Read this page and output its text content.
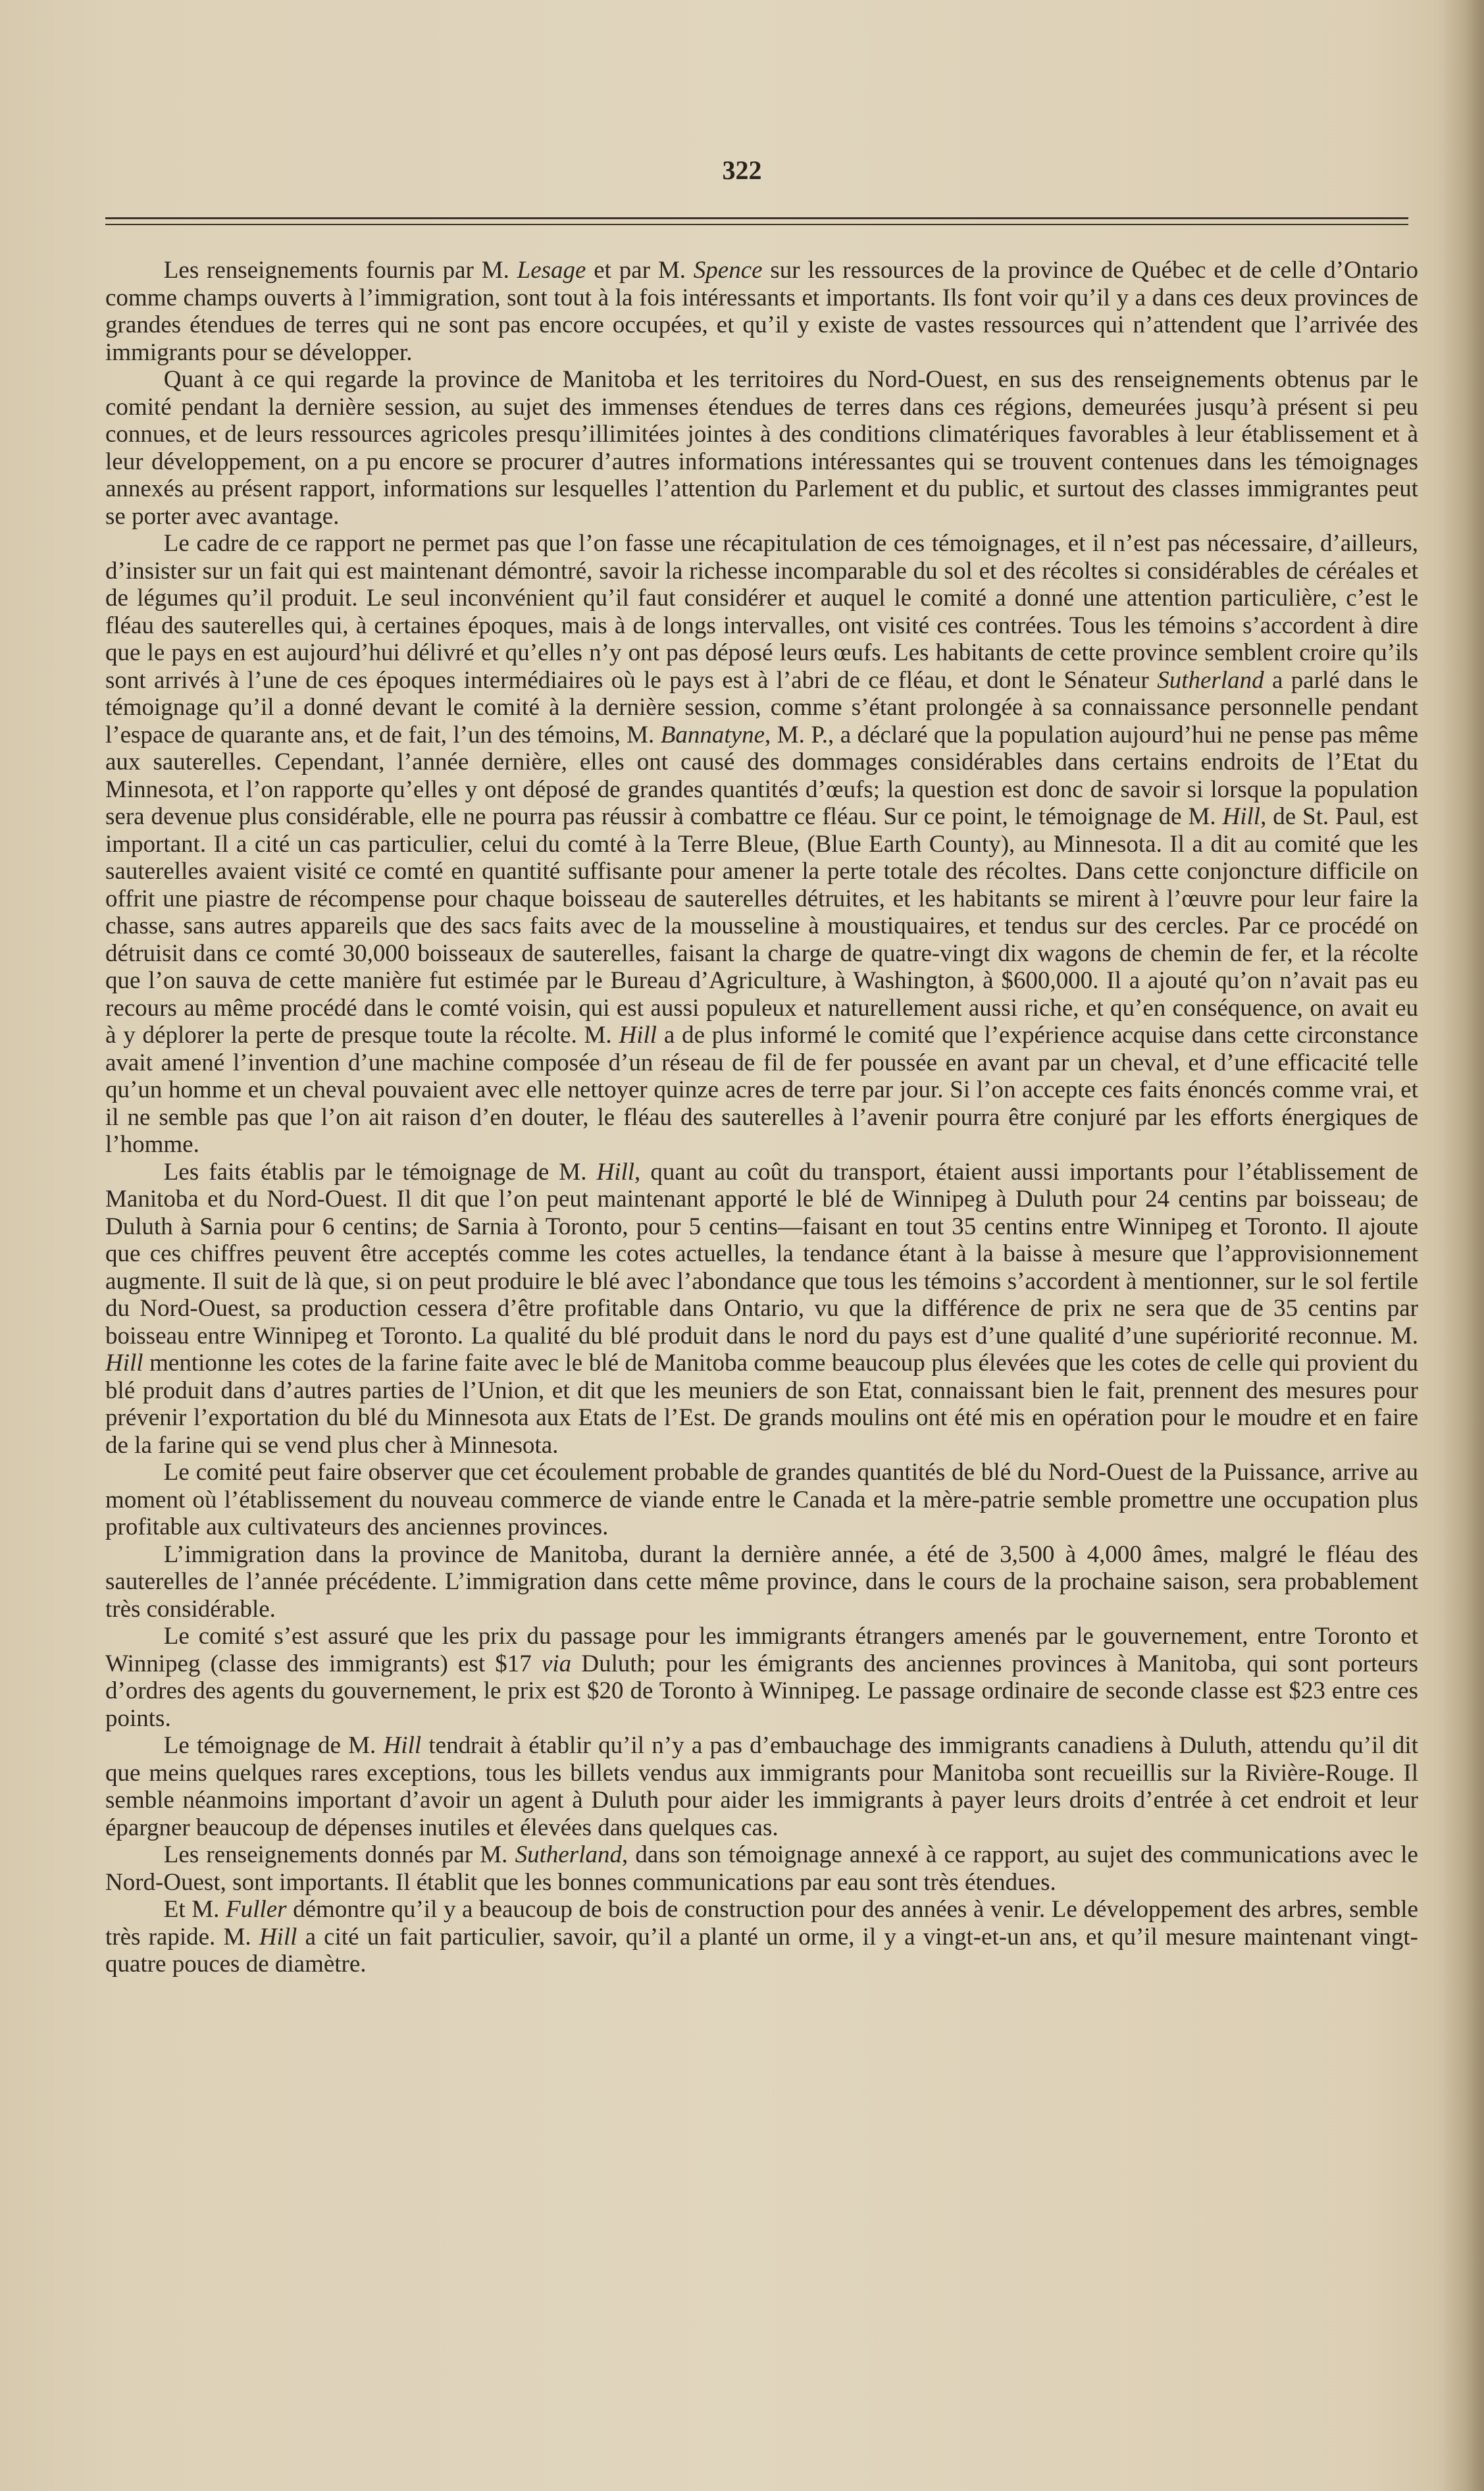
322

Les renseignements fournis par M. Lesage et par M. Spence sur les ressources de la province de Québec et de celle d’Ontario comme champs ouverts à l’immigration, sont tout à la fois intéressants et importants. Ils font voir qu’il y a dans ces deux provinces de grandes étendues de terres qui ne sont pas encore occupées, et qu’il y existe de vastes ressources qui n’attendent que l’arrivée des immigrants pour se développer.

Quant à ce qui regarde la province de Manitoba et les territoires du Nord-Ouest, en sus des renseignements obtenus par le comité pendant la dernière session, au sujet des immenses étendues de terres dans ces régions, demeurées jusqu’à présent si peu connues, et de leurs ressources agricoles presqu’illimitées jointes à des conditions climatériques favorables à leur établissement et à leur développement, on a pu encore se procurer d’autres informations intéressantes qui se trouvent contenues dans les témoignages annexés au présent rapport, informations sur lesquelles l’attention du Parlement et du public, et surtout des classes immigrantes peut se porter avec avantage.

Le cadre de ce rapport ne permet pas que l’on fasse une récapitulation de ces témoignages, et il n’est pas nécessaire, d’ailleurs, d’insister sur un fait qui est maintenant démontré, savoir la richesse incomparable du sol et des récoltes si considérables de céréales et de légumes qu’il produit. Le seul inconvénient qu’il faut considérer et auquel le comité a donné une attention particulière, c’est le fléau des sauterelles qui, à certaines époques, mais à de longs intervalles, ont visité ces contrées. Tous les témoins s’accordent à dire que le pays en est aujourd’hui délivré et qu’elles n’y ont pas déposé leurs œufs. Les habitants de cette province semblent croire qu’ils sont arrivés à l’une de ces époques intermédiaires où le pays est à l’abri de ce fléau, et dont le Sénateur Sutherland a parlé dans le témoignage qu’il a donné devant le comité à la dernière session, comme s’étant prolongée à sa connaissance personnelle pendant l’espace de quarante ans, et de fait, l’un des témoins, M. Bannatyne, M. P., a déclaré que la population aujourd’hui ne pense pas même aux sauterelles. Cependant, l’année dernière, elles ont causé des dommages considérables dans certains endroits de l’Etat du Minnesota, et l’on rapporte qu’elles y ont déposé de grandes quantités d’œufs; la question est donc de savoir si lorsque la population sera devenue plus considérable, elle ne pourra pas réussir à combattre ce fléau. Sur ce point, le témoignage de M. Hill, de St. Paul, est important. Il a cité un cas particulier, celui du comté à la Terre Bleue, (Blue Earth County), au Minnesota. Il a dit au comité que les sauterelles avaient visité ce comté en quantité suffisante pour amener la perte totale des récoltes. Dans cette conjoncture difficile on offrit une piastre de récompense pour chaque boisseau de sauterelles détruites, et les habitants se mirent à l’œuvre pour leur faire la chasse, sans autres appareils que des sacs faits avec de la mousseline à moustiquaires, et tendus sur des cercles. Par ce procédé on détruisit dans ce comté 30,000 boisseaux de sauterelles, faisant la charge de quatre-vingt dix wagons de chemin de fer, et la récolte que l’on sauva de cette manière fut estimée par le Bureau d’Agriculture, à Washington, à $600,000. Il a ajouté qu’on n’avait pas eu recours au même procédé dans le comté voisin, qui est aussi populeux et naturellement aussi riche, et qu’en conséquence, on avait eu à y déplorer la perte de presque toute la récolte. M. Hill a de plus informé le comité que l’expérience acquise dans cette circonstance avait amené l’invention d’une machine composée d’un réseau de fil de fer poussée en avant par un cheval, et d’une efficacité telle qu’un homme et un cheval pouvaient avec elle nettoyer quinze acres de terre par jour. Si l’on accepte ces faits énoncés comme vrai, et il ne semble pas que l’on ait raison d’en douter, le fléau des sauterelles à l’avenir pourra être conjuré par les efforts énergiques de l’homme.

Les faits établis par le témoignage de M. Hill, quant au coût du transport, étaient aussi importants pour l’établissement de Manitoba et du Nord-Ouest. Il dit que l’on peut maintenant apporté le blé de Winnipeg à Duluth pour 24 centins par boisseau; de Duluth à Sarnia pour 6 centins; de Sarnia à Toronto, pour 5 centins—faisant en tout 35 centins entre Winnipeg et Toronto. Il ajoute que ces chiffres peuvent être acceptés comme les cotes actuelles, la tendance étant à la baisse à mesure que l’approvisionnement augmente. Il suit de là que, si on peut produire le blé avec l’abondance que tous les témoins s’accordent à mentionner, sur le sol fertile du Nord-Ouest, sa production cessera d’être profitable dans Ontario, vu que la différence de prix ne sera que de 35 centins par boisseau entre Winnipeg et Toronto. La qualité du blé produit dans le nord du pays est d’une qualité d’une supériorité reconnue. M. Hill mentionne les cotes de la farine faite avec le blé de Manitoba comme beaucoup plus élevées que les cotes de celle qui provient du blé produit dans d’autres parties de l’Union, et dit que les meuniers de son Etat, connaissant bien le fait, prennent des mesures pour prévenir l’exportation du blé du Minnesota aux Etats de l’Est. De grands moulins ont été mis en opération pour le moudre et en faire de la farine qui se vend plus cher à Minnesota.

Le comité peut faire observer que cet écoulement probable de grandes quantités de blé du Nord-Ouest de la Puissance, arrive au moment où l’établissement du nouveau commerce de viande entre le Canada et la mère-patrie semble promettre une occupation plus profitable aux cultivateurs des anciennes provinces.

L’immigration dans la province de Manitoba, durant la dernière année, a été de 3,500 à 4,000 âmes, malgré le fléau des sauterelles de l’année précédente. L’immigration dans cette même province, dans le cours de la prochaine saison, sera probablement très considérable.

Le comité s’est assuré que les prix du passage pour les immigrants étrangers amenés par le gouvernement, entre Toronto et Winnipeg (classe des immigrants) est $17 via Duluth; pour les émigrants des anciennes provinces à Manitoba, qui sont porteurs d’ordres des agents du gouvernement, le prix est $20 de Toronto à Winnipeg. Le passage ordinaire de seconde classe est $23 entre ces points.

Le témoignage de M. Hill tendrait à établir qu’il n’y a pas d’embauchage des immigrants canadiens à Duluth, attendu qu’il dit que meins quelques rares exceptions, tous les billets vendus aux immigrants pour Manitoba sont recueillis sur la Rivière-Rouge. Il semble néanmoins important d’avoir un agent à Duluth pour aider les immigrants à payer leurs droits d’entrée à cet endroit et leur épargner beaucoup de dépenses inutiles et élevées dans quelques cas.

Les renseignements donnés par M. Sutherland, dans son témoignage annexé à ce rapport, au sujet des communications avec le Nord-Ouest, sont importants. Il établit que les bonnes communications par eau sont très étendues.

Et M. Fuller démontre qu’il y a beaucoup de bois de construction pour des années à venir. Le développement des arbres, semble très rapide. M. Hill a cité un fait particulier, savoir, qu’il a planté un orme, il y a vingt-et-un ans, et qu’il mesure maintenant vingt-quatre pouces de diamètre.
